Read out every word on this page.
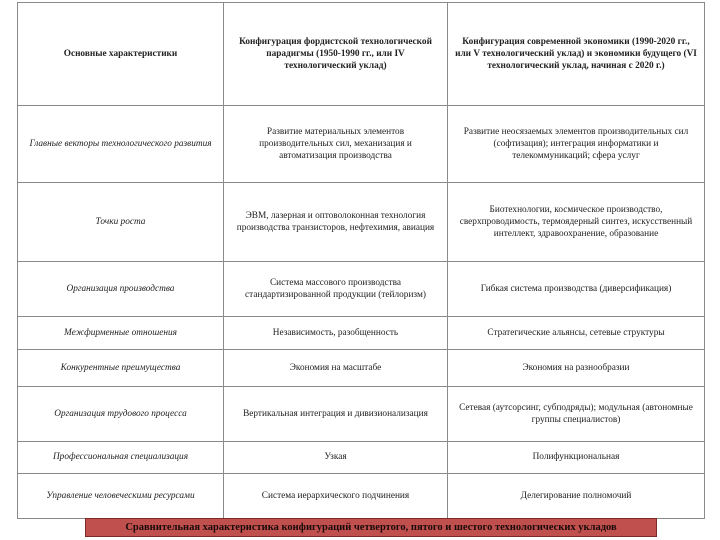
Основные характеристики	Конфигурация фордистской технологической парадигмы (1950-1990 гг., или IV технологический уклад)	Конфигурация современной экономики (1990-2020 гг., или V технологический уклад) и экономики будущего (VI технологический уклад, начиная с 2020 г.)
Главные векторы технологического развития	Развитие материальных элементов производительных сил, механизация и автоматизация производства	Развитие неосязаемых элементов производительных сил (софтизация); интеграция информатики и телекоммуникаций; сфера услуг
Точки роста	ЭВМ, лазерная и оптоволоконная технология производства транзисторов, нефтехимия, авиация	Биотехнологии, космическое производство, сверхпроводимость, термоядерный синтез, искусственный интеллект, здравоохранение, образование
Организация производства	Система массового производства стандартизированной продукции (тейлоризм)	Гибкая система производства (диверсификация)
Межфирменные отношения	Независимость, разобщенность	Стратегические альянсы, сетевые структуры
Конкурентные преимущества	Экономия на масштабе	Экономия на разнообразии
Организация трудового процесса	Вертикальная интеграция и дивизионализация	Сетевая (аутсорсинг, субподряды); модульная (автономные группы специалистов)
Профессиональная специализация	Узкая	Полифункциональная
Управление человеческими ресурсами	Система иерархического подчинения	Делегирование полномочий
Сравнительная характеристика конфигураций четвертого, пятого и шестого технологических укладов
